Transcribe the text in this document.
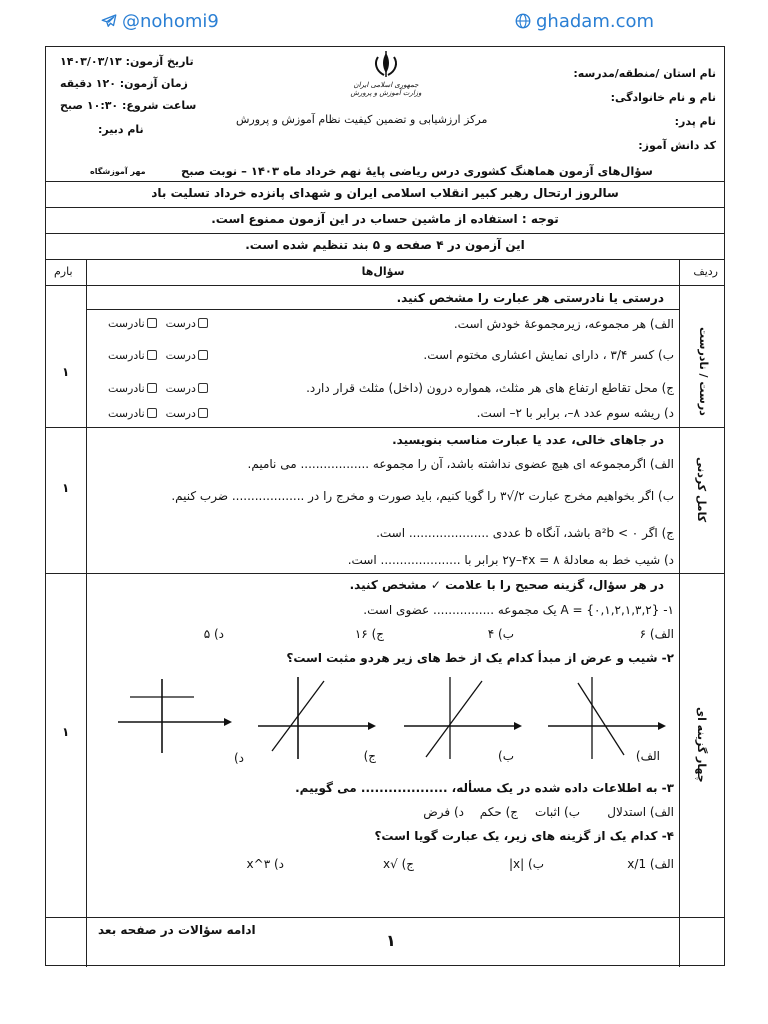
@nohomi9	ghadam.com
نام استان /منطقه/مدرسه:
نام و نام خانوادگی:
نام پدر:
کد دانش آموز:
جمهوری اسلامی ایران
وزارت آموزش و پرورش
مرکز ارزشیابی و تضمین کیفیت نظام آموزش و پرورش
تاریخ آزمون: ۱۴۰۳/۰۳/۱۳
زمان آزمون: ۱۲۰ دقیقه
ساعت شروع: ۱۰:۳۰ صبح
نام دبیر:
مهر آموزشگاه	سؤال‌های آزمون هماهنگ کشوری درس ریاضی پایهٔ نهم خرداد ماه ۱۴۰۳ – نوبت صبح
سالروز ارتحال رهبر کبیر انقلاب اسلامی ایران و شهدای پانزده خرداد تسلیت باد
توجه : استفاده از ماشین حساب در این آزمون ممنوع است.
این آزمون در ۴ صفحه و ۵ بند تنظیم شده است.
ردیف
سؤال‌ها
بارم
درستی یا نادرستی هر عبارت را مشخص کنید.
درست / نادرست
۱
الف) هر مجموعه، زیرمجموعهٔ خودش است.
ب) کسر ۳/۴ ، دارای نمایش اعشاری مختوم است.
ج) محل تقاطع ارتفاع های هر مثلث، همواره درون (داخل) مثلث قرار دارد.
د) ریشه سوم عدد ۸–، برابر با ۲– است.
درست  نادرست
درست  نادرست
درست  نادرست
درست  نادرست
در جاهای خالی، عدد یا عبارت مناسب بنویسید.
کامل کردنی
۱
الف) اگرمجموعه ای هیچ عضوی نداشته باشد، آن را مجموعه .................. می نامیم.
ب) اگر بخواهیم مخرج عبارت ۲/√۳ را گویا کنیم، باید صورت و مخرج را در ................... ضرب کنیم.
ج) اگر a²b < ۰ باشد، آنگاه b عددی ..................... است.
د) شیب خط به معادلهٔ ۲y–۴x = ۸ برابر با ..................... است.
در هر سؤال، گزینه صحیح را با علامت ✓ مشخص کنید.
چهار گزینه ای
۱
۱- A = {۰,۱,۲,۱,۳,۲} یک مجموعه ................ عضوی است.
الف) ۶
ب) ۴
ج) ۱۶
د) ۵
۲- شیب و عرض از مبدأ کدام یک از خط های زیر هردو مثبت است؟
الف)
ب)
ج)
د)
۳- به اطلاعات داده شده در یک مسأله، ................... می گوییم.
الف) استدلال
ب) اثبات
ج) حکم
د) فرض
۴- کدام یک از گزینه های زیر، یک عبارت گویا است؟
الف) 1/x
ب) |x|
ج) √x
د) ۳^x
ادامه سؤالات در صفحه بعد
۱
